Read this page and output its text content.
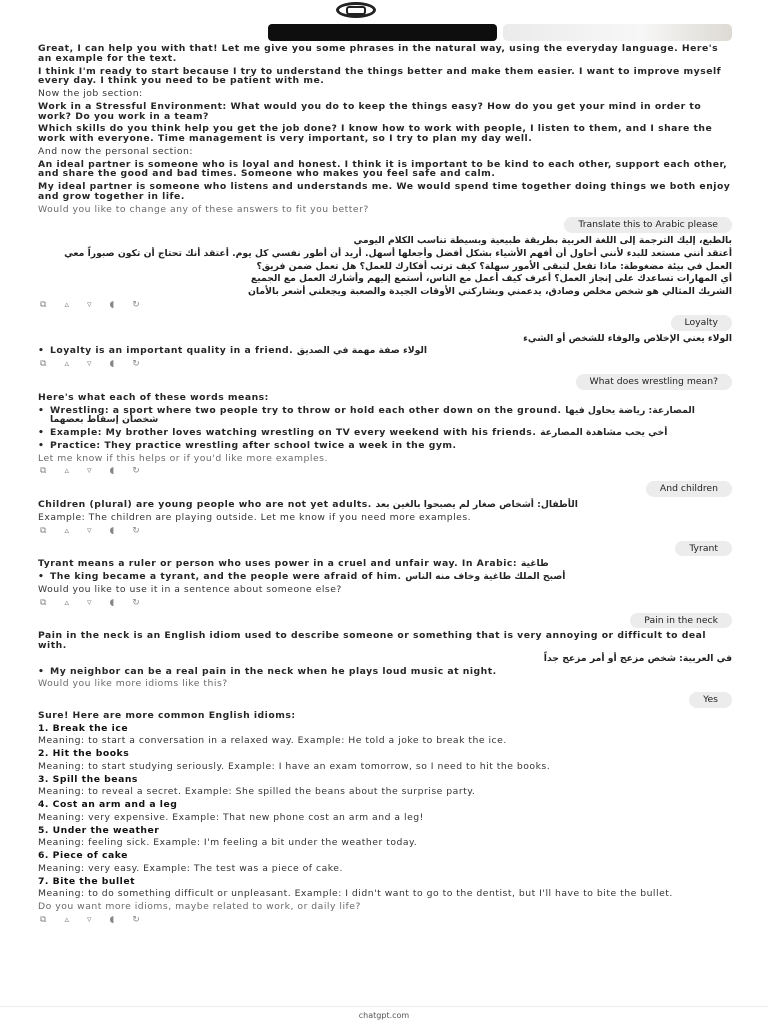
Great, I can help you with that! Let me give you some phrases in the natural way, using the everyday language. Here's an example for the text.

I think I'm ready to start because I try to understand the things better and make them easier. I want to improve myself every day. I think you need to be patient with me.

Now the job section:

Work in a Stressful Environment: What would you do to keep the things easy? How do you get your mind in order to work? Do you work in a team?

Which skills do you think help you get the job done? I know how to work with people, I listen to them, and I share the work with everyone. Time management is very important, so I try to plan my day well.

And now the personal section:

An ideal partner is someone who is loyal and honest. I think it is important to be kind to each other, support each other, and share the good and bad times. Someone who makes you feel safe and calm.

My ideal partner is someone who listens and understands me. We would spend time together doing things we both enjoy and grow together in life.

Would you like to change any of these answers to fit you better?

Translate this to Arabic please

بالطبع، إليك الترجمة إلى اللغة العربية بطريقة طبيعية وبسيطة تناسب الكلام اليومي

أعتقد أنني مستعد للبدء لأنني أحاول أن أفهم الأشياء بشكل أفضل وأجعلها أسهل. أريد أن أطور نفسي كل يوم. أعتقد أنك تحتاج أن تكون صبوراً معي

العمل في بيئة مضغوطة: ماذا تفعل لتبقى الأمور سهلة؟ كيف ترتب أفكارك للعمل؟ هل تعمل ضمن فريق؟

أي المهارات تساعدك على إنجاز العمل؟ أعرف كيف أعمل مع الناس، أستمع إليهم وأشارك العمل مع الجميع

الشريك المثالي هو شخص مخلص وصادق، يدعمني ويشاركني الأوقات الجيدة والصعبة ويجعلني أشعر بالأمان

⧉ ▵ ▿ ◖ ↻
Loyalty

الولاء يعني الإخلاص والوفاء للشخص أو الشيء

• Loyalty is an important quality in a friend. الولاء صفة مهمة في الصديق

⧉ ▵ ▿ ◖ ↻
What does wrestling mean?

Here's what each of these words means:

• Wrestling: a sport where two people try to throw or hold each other down on the ground. المصارعة: رياضة يحاول فيها شخصان إسقاط بعضهما

• Example: My brother loves watching wrestling on TV every weekend with his friends. أخي يحب مشاهدة المصارعة

• Practice: They practice wrestling after school twice a week in the gym.

Let me know if this helps or if you'd like more examples.

⧉ ▵ ▿ ◖ ↻
And children

Children (plural) are young people who are not yet adults. الأطفال: أشخاص صغار لم يصبحوا بالغين بعد

Example: The children are playing outside. Let me know if you need more examples.

⧉ ▵ ▿ ◖ ↻
Tyrant

Tyrant means a ruler or person who uses power in a cruel and unfair way. In Arabic: طاغية

• The king became a tyrant, and the people were afraid of him. أصبح الملك طاغية وخاف منه الناس

Would you like to use it in a sentence about someone else?

⧉ ▵ ▿ ◖ ↻
Pain in the neck

Pain in the neck is an English idiom used to describe someone or something that is very annoying or difficult to deal with.

في العربية: شخص مزعج أو أمر مزعج جداً

• My neighbor can be a real pain in the neck when he plays loud music at night.

Would you like more idioms like this?

Yes

Sure! Here are more common English idioms:

1. Break the ice

Meaning: to start a conversation in a relaxed way. Example: He told a joke to break the ice.

2. Hit the books

Meaning: to start studying seriously. Example: I have an exam tomorrow, so I need to hit the books.

3. Spill the beans

Meaning: to reveal a secret. Example: She spilled the beans about the surprise party.

4. Cost an arm and a leg

Meaning: very expensive. Example: That new phone cost an arm and a leg!

5. Under the weather

Meaning: feeling sick. Example: I'm feeling a bit under the weather today.

6. Piece of cake

Meaning: very easy. Example: The test was a piece of cake.

7. Bite the bullet

Meaning: to do something difficult or unpleasant. Example: I didn't want to go to the dentist, but I'll have to bite the bullet.

Do you want more idioms, maybe related to work, or daily life?

⧉ ▵ ▿ ◖ ↻
chatgpt.com
